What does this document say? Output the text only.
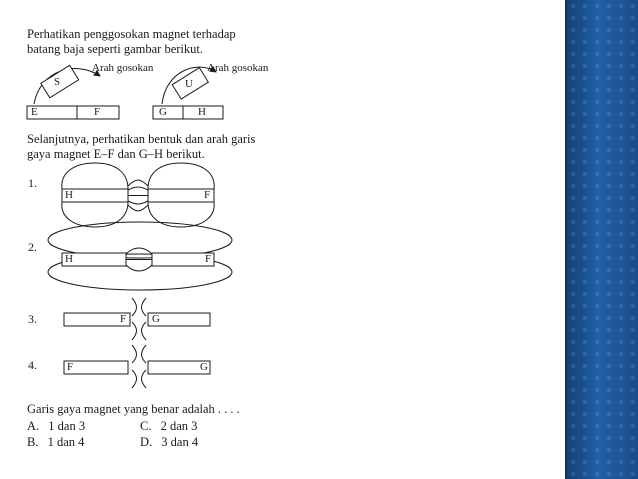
Perhatikan penggosokan magnet terhadap

batang baja seperti gambar berikut.

S
Arah gosokan
E	F
U
Arah gosokan
G	H

Selanjutnya, perhatikan bentuk dan arah garis

gaya magnet E–F dan G–H berikut.

1.
H	F
2.
H	F
3.	F G
4.	F	G

Garis gaya magnet yang benar adalah . . . .

A. 1 dan 3	C. 2 dan 3
B. 1 dan 4	D. 3 dan 4
